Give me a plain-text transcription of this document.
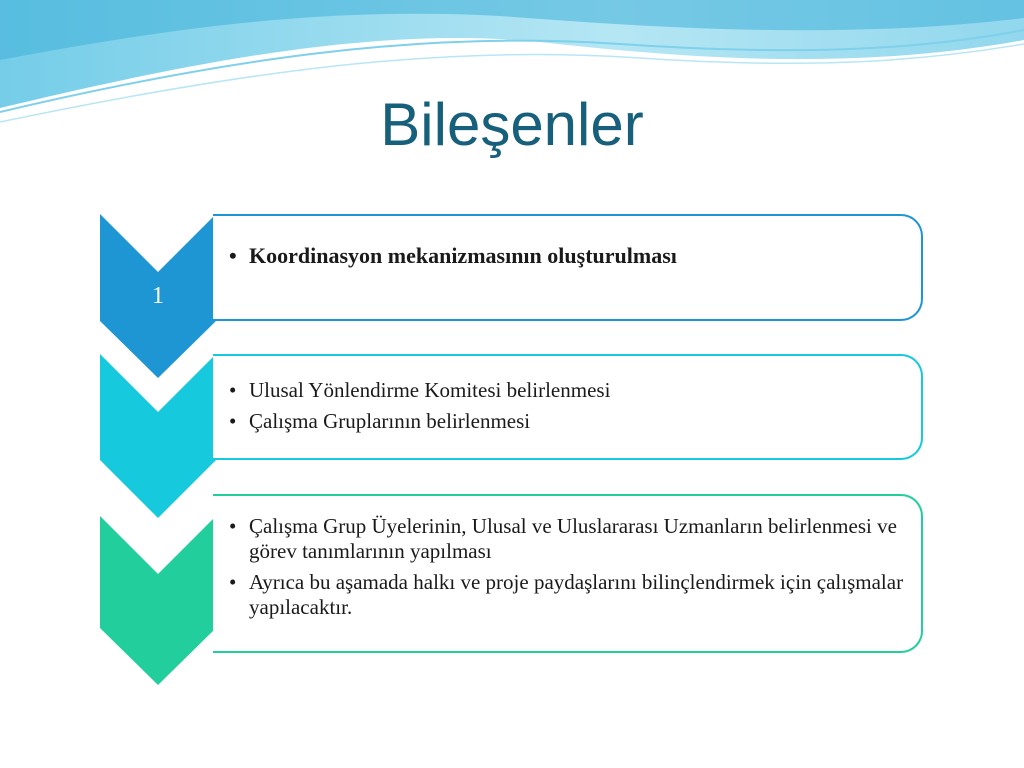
Bileşenler
1
• Koordinasyon mekanizmasının oluşturulması
• Ulusal Yönlendirme Komitesi belirlenmesi
• Çalışma Gruplarının belirlenmesi
• Çalışma Grup Üyelerinin, Ulusal ve Uluslararası Uzmanların belirlenmesi ve görev tanımlarının yapılması
• Ayrıca bu aşamada halkı ve proje paydaşlarını bilinçlendirmek için çalışmalar yapılacaktır.
